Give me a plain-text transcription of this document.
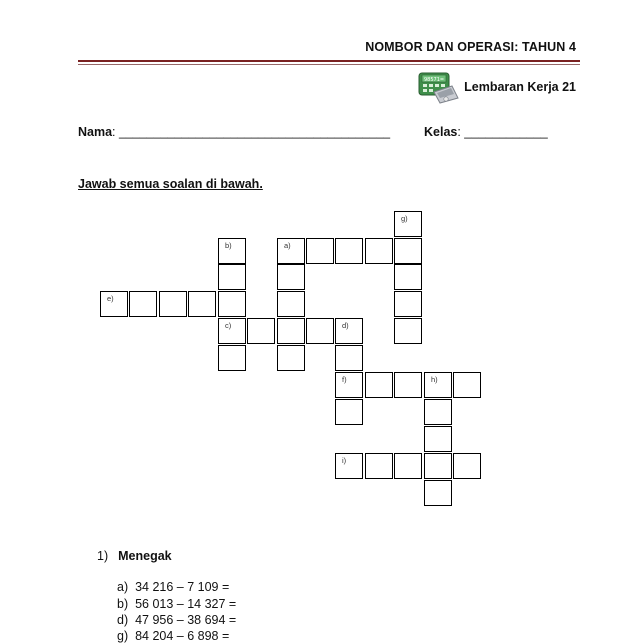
NOMBOR DAN OPERASI: TAHUN 4
98571= Lembaran Kerja 21
Nama: _______________________________________	Kelas: ____________
Jawab semua soalan di bawah.
g)
b)	a)
e)
c)	d)
f)	h)
i)
1) Menegak
a) 34 216 – 7 109 =
b) 56 013 – 14 327 =
d) 47 956 – 38 694 =
g) 84 204 – 6 898 =
